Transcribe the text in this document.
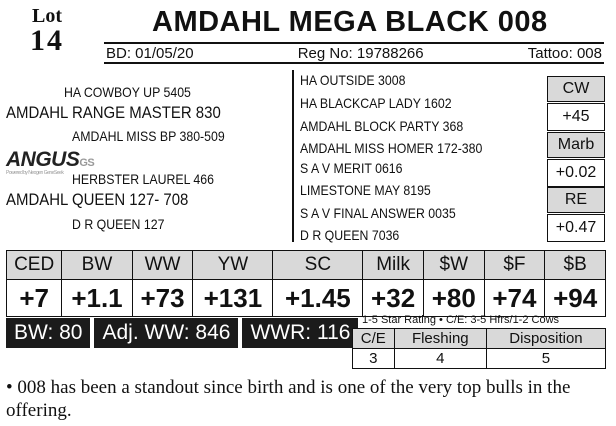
Lot
14
AMDAHL MEGA BLACK 008
BD: 01/05/20	Reg No: 19788266	Tattoo: 008
HA COWBOY UP 5405
AMDAHL RANGE MASTER 830
AMDAHL MISS BP 380-509
ANGUSGS
Powered by Neogen GeneSeek HERBSTER LAUREL 466
AMDAHL QUEEN 127- 708
D R QUEEN 127
HA OUTSIDE 3008
HA BLACKCAP LADY 1602
AMDAHL BLOCK PARTY 368
AMDAHL MISS HOMER 172-380
S A V MERIT 0616
LIMESTONE MAY 8195
S A V FINAL ANSWER 0035
D R QUEEN 7036
CW
+45
Marb
+0.02
RE
+0.47
CED	BW	WW	YW	SC	Milk	$W	$F	$B
+7	+1.1	+73	+131	+1.45	+32	+80	+74	+94
BW: 80 Adj. WW: 846 WWR: 116
1-5 Star Rating • C/E: 3-5 Hfrs/1-2 Cows
C/E	Fleshing	Disposition
3	4	5
• 008 has been a standout since birth and is one of the very top bulls in the offering.
